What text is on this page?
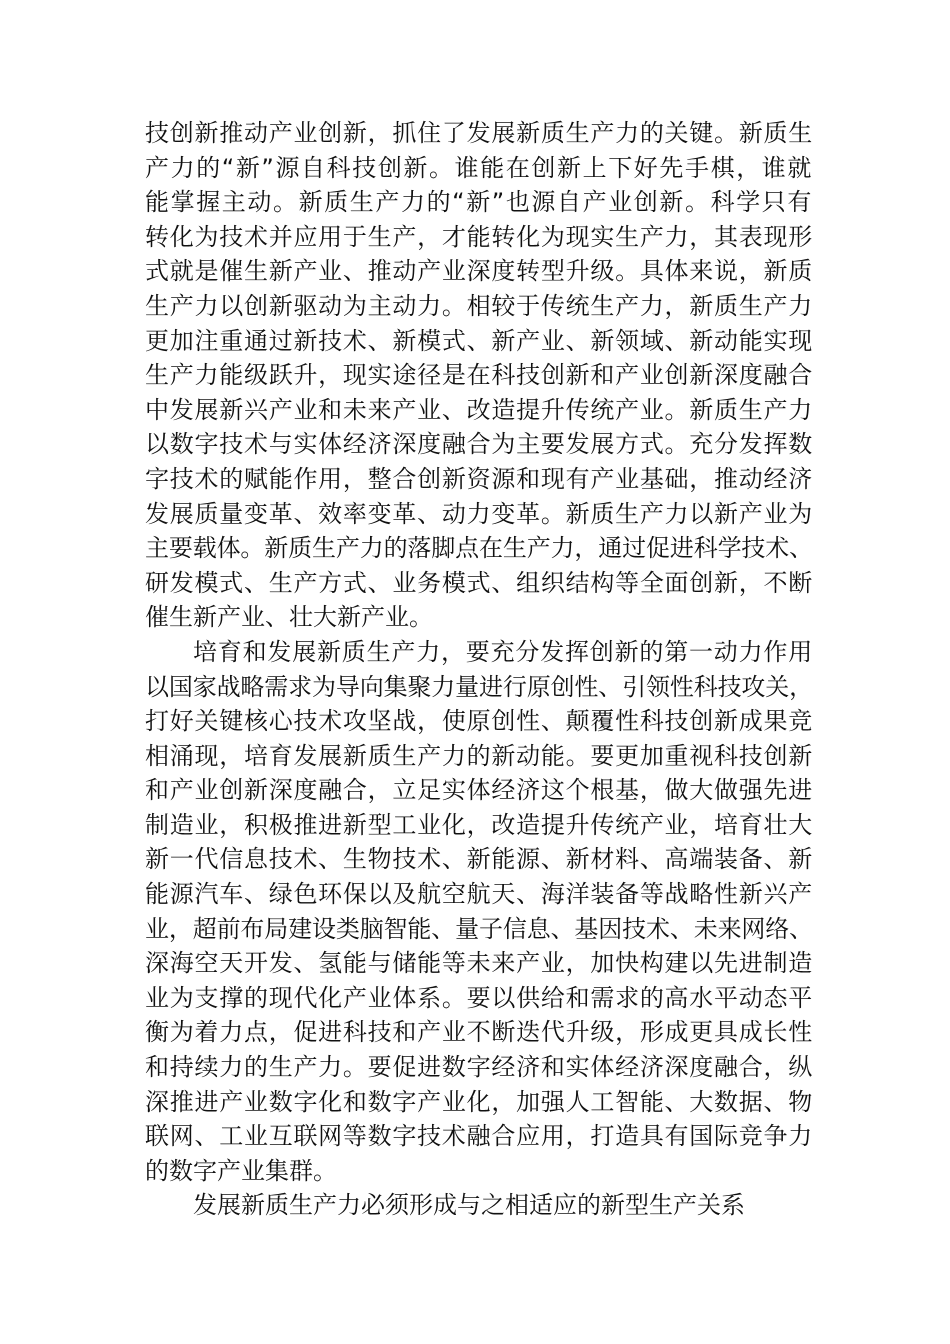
技创新推动产业创新，抓住了发展新质生产力的关键。新质生
产力的“新”源自科技创新。谁能在创新上下好先手棋，谁就
能掌握主动。新质生产力的“新”也源自产业创新。科学只有
转化为技术并应用于生产，才能转化为现实生产力，其表现形
式就是催生新产业、推动产业深度转型升级。具体来说，新质
生产力以创新驱动为主动力。相较于传统生产力，新质生产力
更加注重通过新技术、新模式、新产业、新领域、新动能实现
生产力能级跃升，现实途径是在科技创新和产业创新深度融合
中发展新兴产业和未来产业、改造提升传统产业。新质生产力
以数字技术与实体经济深度融合为主要发展方式。充分发挥数
字技术的赋能作用，整合创新资源和现有产业基础，推动经济
发展质量变革、效率变革、动力变革。新质生产力以新产业为
主要载体。新质生产力的落脚点在生产力，通过促进科学技术、
研发模式、生产方式、业务模式、组织结构等全面创新，不断
催生新产业、壮大新产业。
培育和发展新质生产力，要充分发挥创新的第一动力作用
以国家战略需求为导向集聚力量进行原创性、引领性科技攻关，
打好关键核心技术攻坚战，使原创性、颠覆性科技创新成果竞
相涌现，培育发展新质生产力的新动能。要更加重视科技创新
和产业创新深度融合，立足实体经济这个根基，做大做强先进
制造业，积极推进新型工业化，改造提升传统产业，培育壮大
新一代信息技术、生物技术、新能源、新材料、高端装备、新
能源汽车、绿色环保以及航空航天、海洋装备等战略性新兴产
业，超前布局建设类脑智能、量子信息、基因技术、未来网络、
深海空天开发、氢能与储能等未来产业，加快构建以先进制造
业为支撑的现代化产业体系。要以供给和需求的高水平动态平
衡为着力点，促进科技和产业不断迭代升级，形成更具成长性
和持续力的生产力。要促进数字经济和实体经济深度融合，纵
深推进产业数字化和数字产业化，加强人工智能、大数据、物
联网、工业互联网等数字技术融合应用，打造具有国际竞争力
的数字产业集群。
发展新质生产力必须形成与之相适应的新型生产关系
